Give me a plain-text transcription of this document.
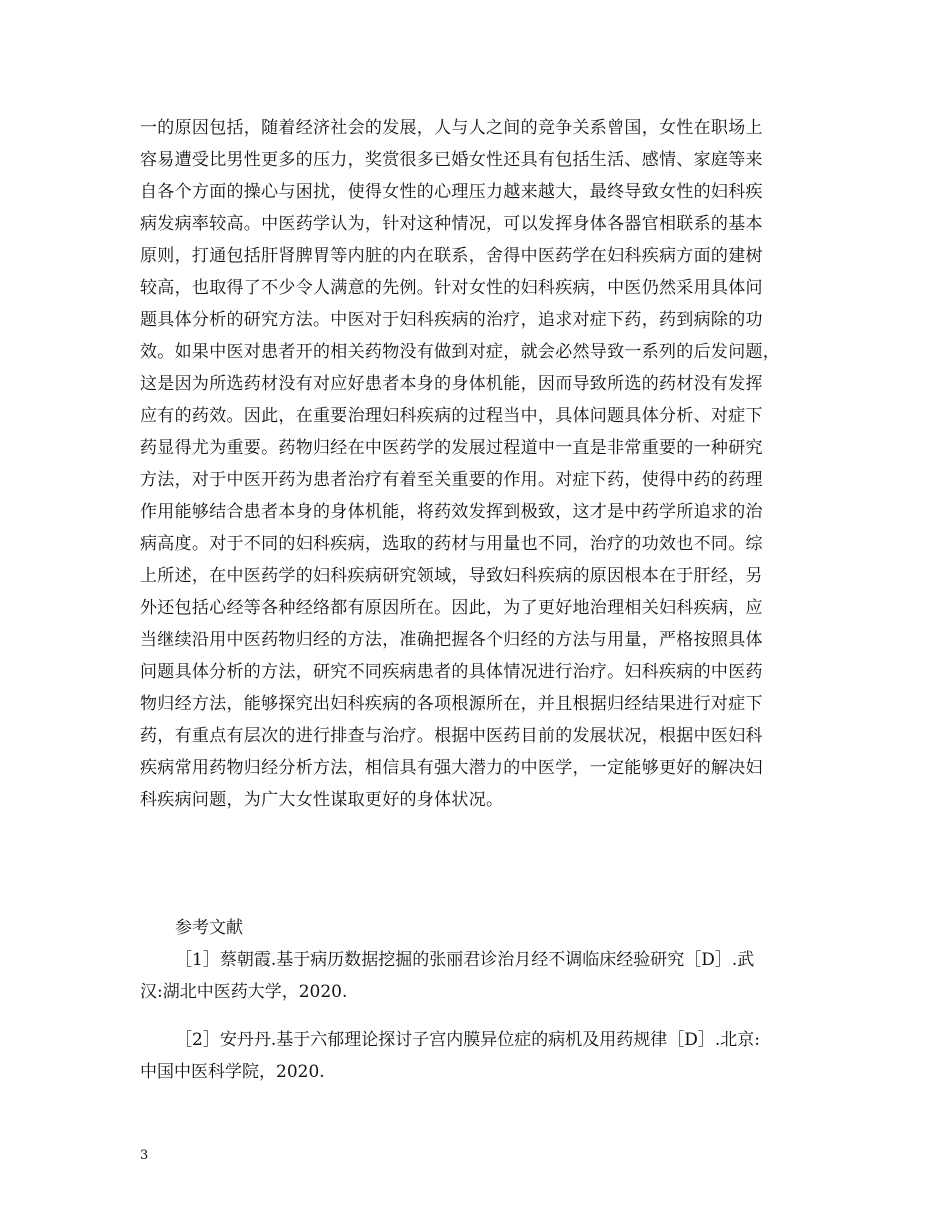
一的原因包括，随着经济社会的发展，人与人之间的竞争关系曾国，女性在职场上
容易遭受比男性更多的压力，奖赏很多已婚女性还具有包括生活、感情、家庭等来
自各个方面的操心与困扰，使得女性的心理压力越来越大，最终导致女性的妇科疾
病发病率较高。中医药学认为，针对这种情况，可以发挥身体各器官相联系的基本
原则，打通包括肝肾脾胃等内脏的内在联系，舍得中医药学在妇科疾病方面的建树
较高，也取得了不少令人满意的先例。针对女性的妇科疾病，中医仍然采用具体问
题具体分析的研究方法。中医对于妇科疾病的治疗，追求对症下药，药到病除的功
效。如果中医对患者开的相关药物没有做到对症，就会必然导致一系列的后发问题，
这是因为所选药材没有对应好患者本身的身体机能，因而导致所选的药材没有发挥
应有的药效。因此，在重要治理妇科疾病的过程当中，具体问题具体分析、对症下
药显得尤为重要。药物归经在中医药学的发展过程道中一直是非常重要的一种研究
方法，对于中医开药为患者治疗有着至关重要的作用。对症下药，使得中药的药理
作用能够结合患者本身的身体机能，将药效发挥到极致，这才是中药学所追求的治
病高度。对于不同的妇科疾病，选取的药材与用量也不同，治疗的功效也不同。综
上所述，在中医药学的妇科疾病研究领域，导致妇科疾病的原因根本在于肝经，另
外还包括心经等各种经络都有原因所在。因此，为了更好地治理相关妇科疾病，应
当继续沿用中医药物归经的方法，准确把握各个归经的方法与用量，严格按照具体
问题具体分析的方法，研究不同疾病患者的具体情况进行治疗。妇科疾病的中医药
物归经方法，能够探究出妇科疾病的各项根源所在，并且根据归经结果进行对症下
药，有重点有层次的进行排查与治疗。根据中医药目前的发展状况，根据中医妇科
疾病常用药物归经分析方法，相信具有强大潜力的中医学，一定能够更好的解决妇
科疾病问题，为广大女性谋取更好的身体状况。

参考文献

［1］蔡朝霞.基于病历数据挖掘的张丽君诊治月经不调临床经验研究［D］.武
汉:湖北中医药大学，2020.
［2］安丹丹.基于六郁理论探讨子宫内膜异位症的病机及用药规律［D］.北京:
中国中医科学院，2020.
3
